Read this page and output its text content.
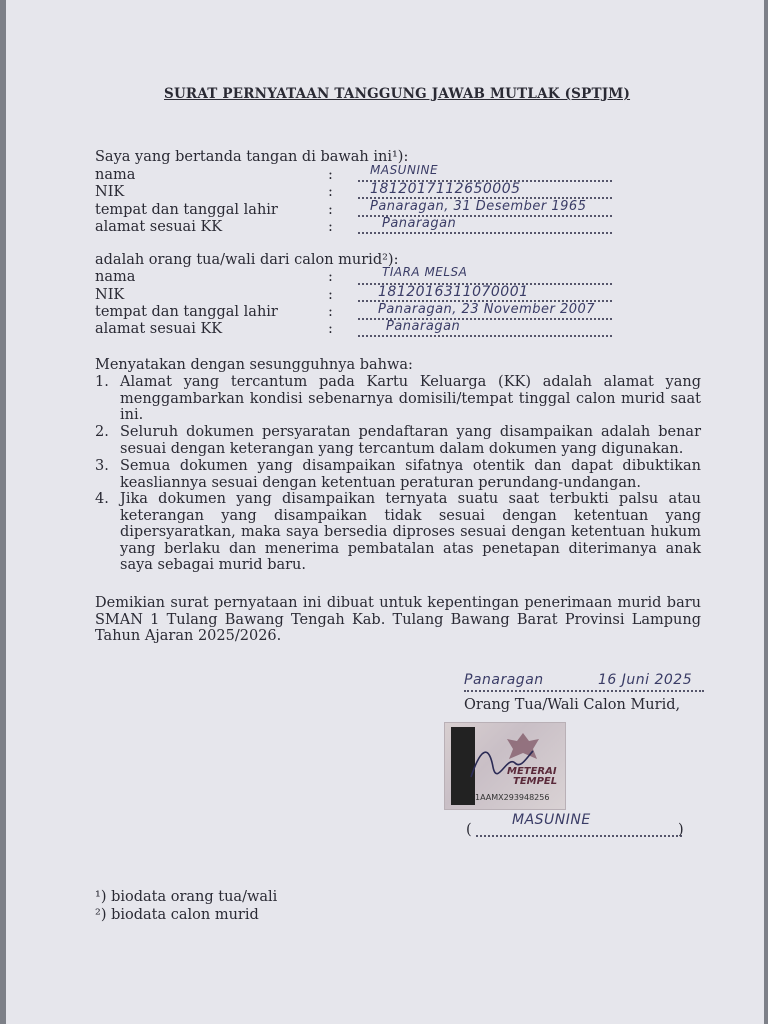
SURAT PERNYATAAN TANGGUNG JAWAB MUTLAK (SPTJM)
Saya yang bertanda tangan di bawah ini¹):
nama
NIK
tempat dan tanggal lahir
alamat sesuai KK
:
:
:
:
MASUNINE
1812017112650005
Panaragan, 31 Desember 1965
Panaragan
adalah orang tua/wali dari calon murid²):
nama
NIK
tempat dan tanggal lahir
alamat sesuai KK
:
:
:
:
TIARA MELSA
1812016311070001
Panaragan, 23 November 2007
Panaragan
Menyatakan dengan sesungguhnya bahwa:
1. Alamat yang tercantum pada Kartu Keluarga (KK) adalah alamat yang menggambarkan kondisi sebenarnya domisili/tempat tinggal calon murid saat ini.
2. Seluruh dokumen persyaratan pendaftaran yang disampaikan adalah benar sesuai dengan keterangan yang tercantum dalam dokumen yang digunakan.
3. Semua dokumen yang disampaikan sifatnya otentik dan dapat dibuktikan keasliannya sesuai dengan ketentuan peraturan perundang-undangan.
4. Jika dokumen yang disampaikan ternyata suatu saat terbukti palsu atau keterangan yang disampaikan tidak sesuai dengan ketentuan yang dipersyaratkan, maka saya bersedia diproses sesuai dengan ketentuan hukum yang berlaku dan menerima pembatalan atas penetapan diterimanya anak saya sebagai murid baru.
Demikian surat pernyataan ini dibuat untuk kepentingan penerimaan murid baru SMAN 1 Tulang Bawang Tengah Kab. Tulang Bawang Barat Provinsi Lampung Tahun Ajaran 2025/2026.
Panaragan	16 Juni 2025
Orang Tua/Wali Calon Murid,
METERAI
TEMPEL
1AAMX293948256
(
MASUNINE
)
¹) biodata orang tua/wali
²) biodata calon murid
